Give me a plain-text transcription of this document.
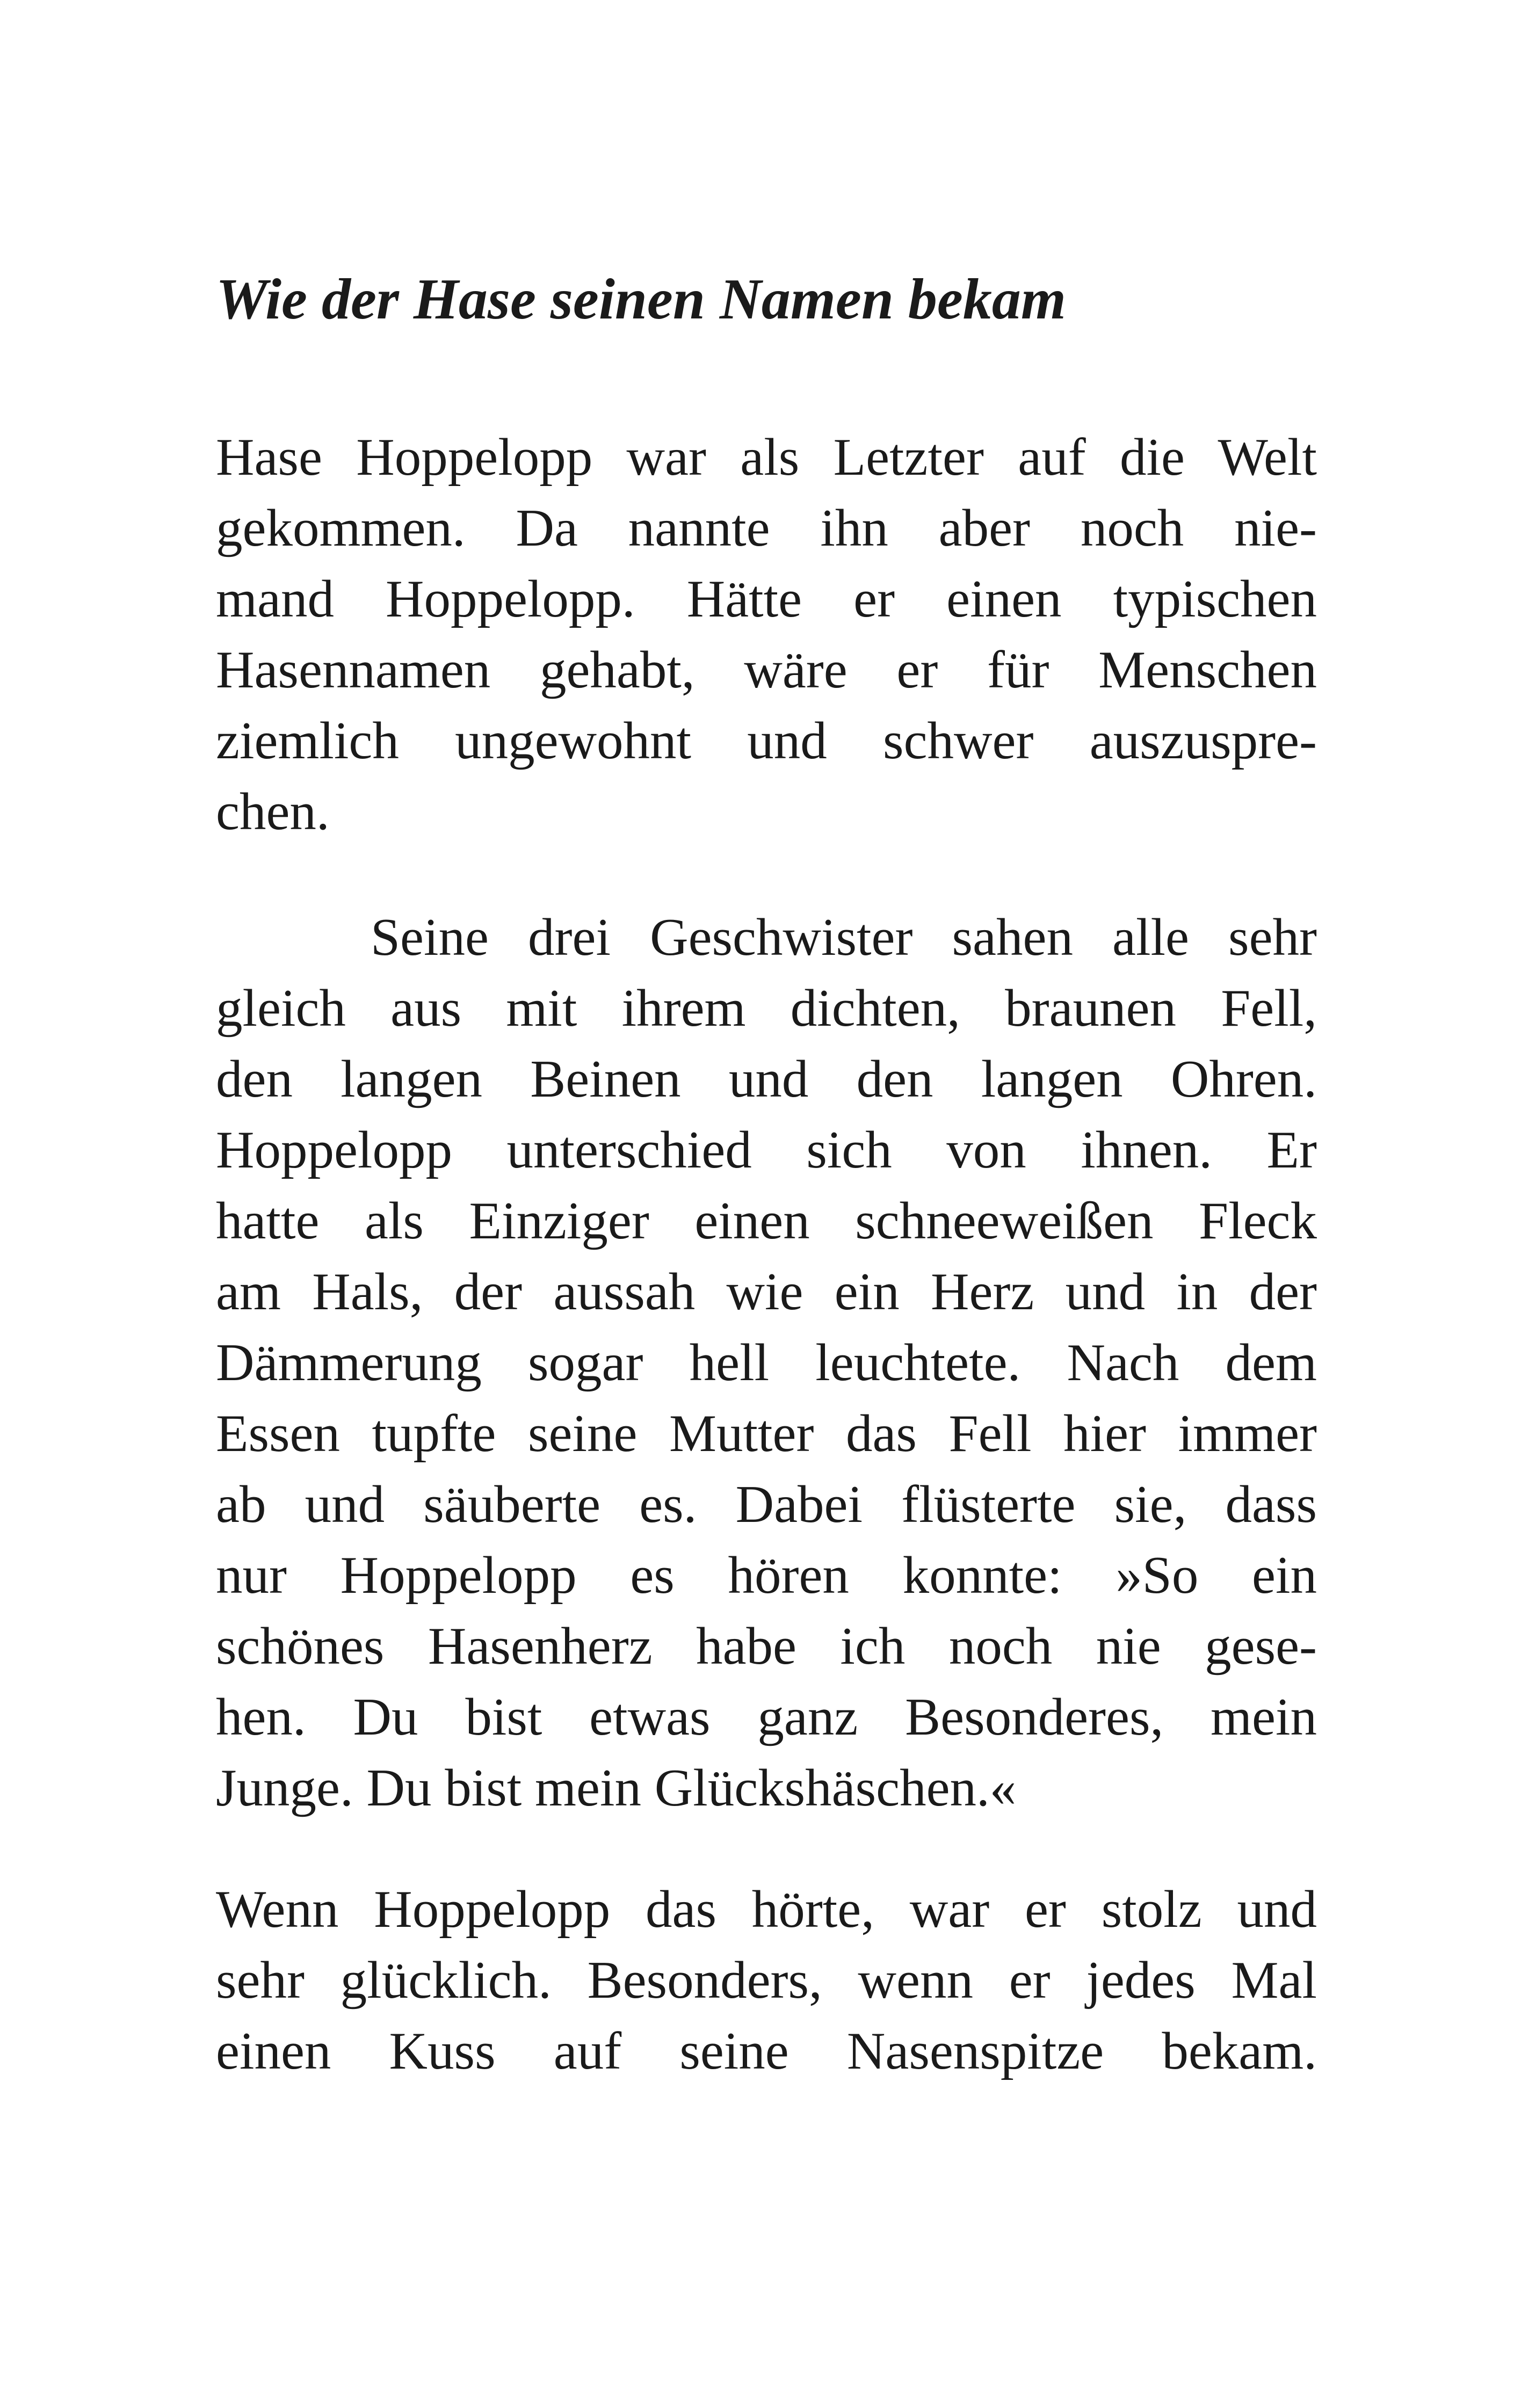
Wie der Hase seinen Namen bekam
Hase Hoppelopp war als Letzter auf die Welt
gekommen. Da nannte ihn aber noch nie-
mand Hoppelopp. Hätte er einen typischen
Hasennamen gehabt, wäre er für Menschen
ziemlich ungewohnt und schwer auszuspre-
chen.
Seine drei Geschwister sahen alle sehr
gleich aus mit ihrem dichten, braunen Fell,
den langen Beinen und den langen Ohren.
Hoppelopp unterschied sich von ihnen. Er
hatte als Einziger einen schneeweißen Fleck
am Hals, der aussah wie ein Herz und in der
Dämmerung sogar hell leuchtete. Nach dem
Essen tupfte seine Mutter das Fell hier immer
ab und säuberte es. Dabei flüsterte sie, dass
nur Hoppelopp es hören konnte: »So ein
schönes Hasenherz habe ich noch nie gese-
hen. Du bist etwas ganz Besonderes, mein
Junge. Du bist mein Glückshäschen.«
Wenn Hoppelopp das hörte, war er stolz und
sehr glücklich. Besonders, wenn er jedes Mal
einen Kuss auf seine Nasenspitze bekam.
